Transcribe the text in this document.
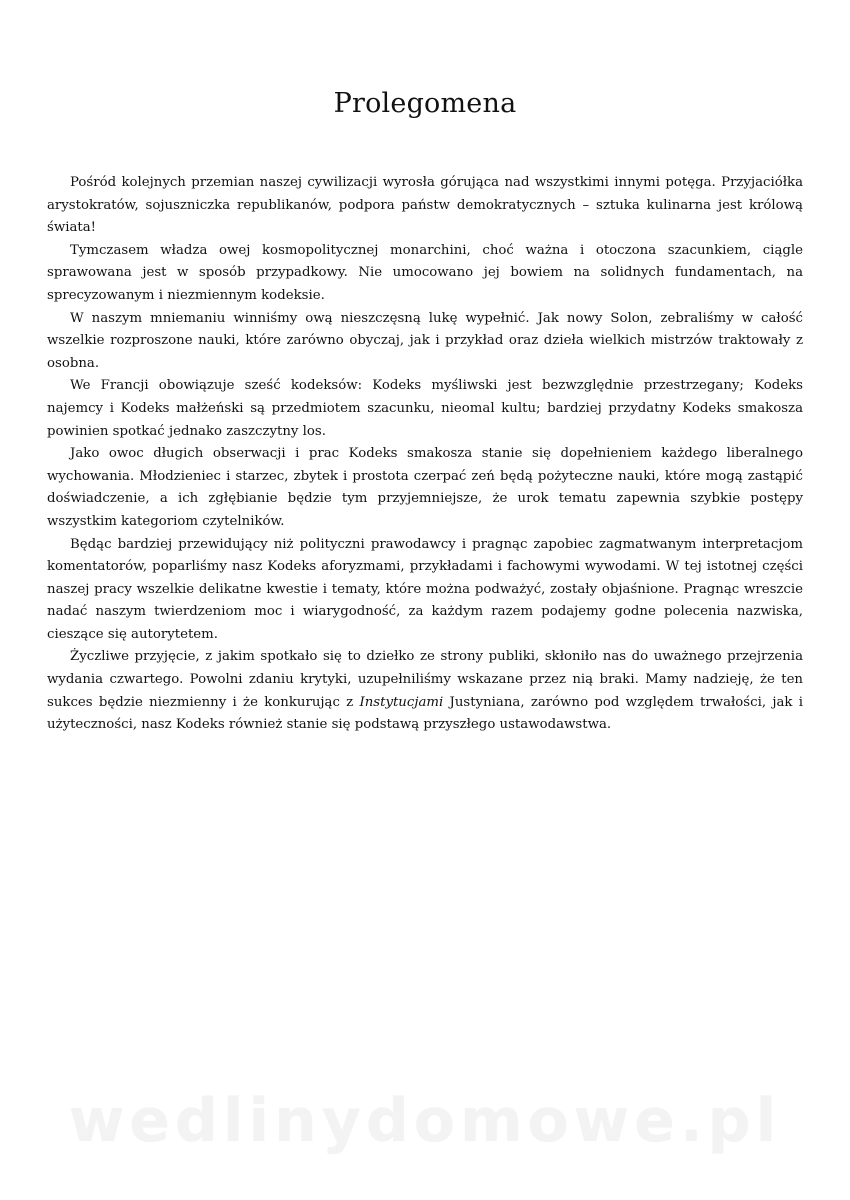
Prolegomena

Pośród kolejnych przemian naszej cywilizacji wyrosła górująca nad wszystkimi innymi potęga. Przyjaciółka arystokratów, sojuszniczka republikanów, podpora państw demokratycznych – sztuka kulinarna jest królową świata!

Tymczasem władza owej kosmopolitycznej monarchini, choć ważna i otoczona szacunkiem, ciągle sprawowana jest w sposób przypadkowy. Nie umocowano jej bowiem na solidnych fundamentach, na sprecyzowanym i niezmiennym kodeksie.

W naszym mniemaniu winniśmy ową nieszczęsną lukę wypełnić. Jak nowy Solon, zebraliśmy w całość wszelkie rozproszone nauki, które zarówno obyczaj, jak i przykład oraz dzieła wielkich mistrzów traktowały z osobna.

We Francji obowiązuje sześć kodeksów: Kodeks myśliwski jest bezwzględnie przestrzegany; Kodeks najemcy i Kodeks małżeński są przedmiotem szacunku, nieomal kultu; bardziej przydatny Kodeks smakosza powinien spotkać jednako zaszczytny los.

Jako owoc długich obserwacji i prac Kodeks smakosza stanie się dopełnieniem każdego liberalnego wychowania. Młodzieniec i starzec, zbytek i prostota czerpać zeń będą pożyteczne nauki, które mogą zastąpić doświadczenie, a ich zgłębianie będzie tym przyjemniejsze, że urok tematu zapewnia szybkie postępy wszystkim kategoriom czytelników.

Będąc bardziej przewidujący niż polityczni prawodawcy i pragnąc zapobiec zagmatwanym interpretacjom komentatorów, poparliśmy nasz Kodeks aforyzmami, przykładami i fachowymi wywodami. W tej istotnej części naszej pracy wszelkie delikatne kwestie i tematy, które można podważyć, zostały objaśnione. Pragnąc wreszcie nadać naszym twierdzeniom moc i wiarygodność, za każdym razem podajemy godne polecenia nazwiska, cieszące się autorytetem.

Życzliwe przyjęcie, z jakim spotkało się to dziełko ze strony publiki, skłoniło nas do uważnego przejrzenia wydania czwartego. Powolni zdaniu krytyki, uzupełniliśmy wskazane przez nią braki. Mamy nadzieję, że ten sukces będzie niezmienny i że konkurując z Instytucjami Justyniana, zarówno pod względem trwałości, jak i użyteczności, nasz Kodeks również stanie się podstawą przyszłego ustawodawstwa.

wedlinydomowe.pl
